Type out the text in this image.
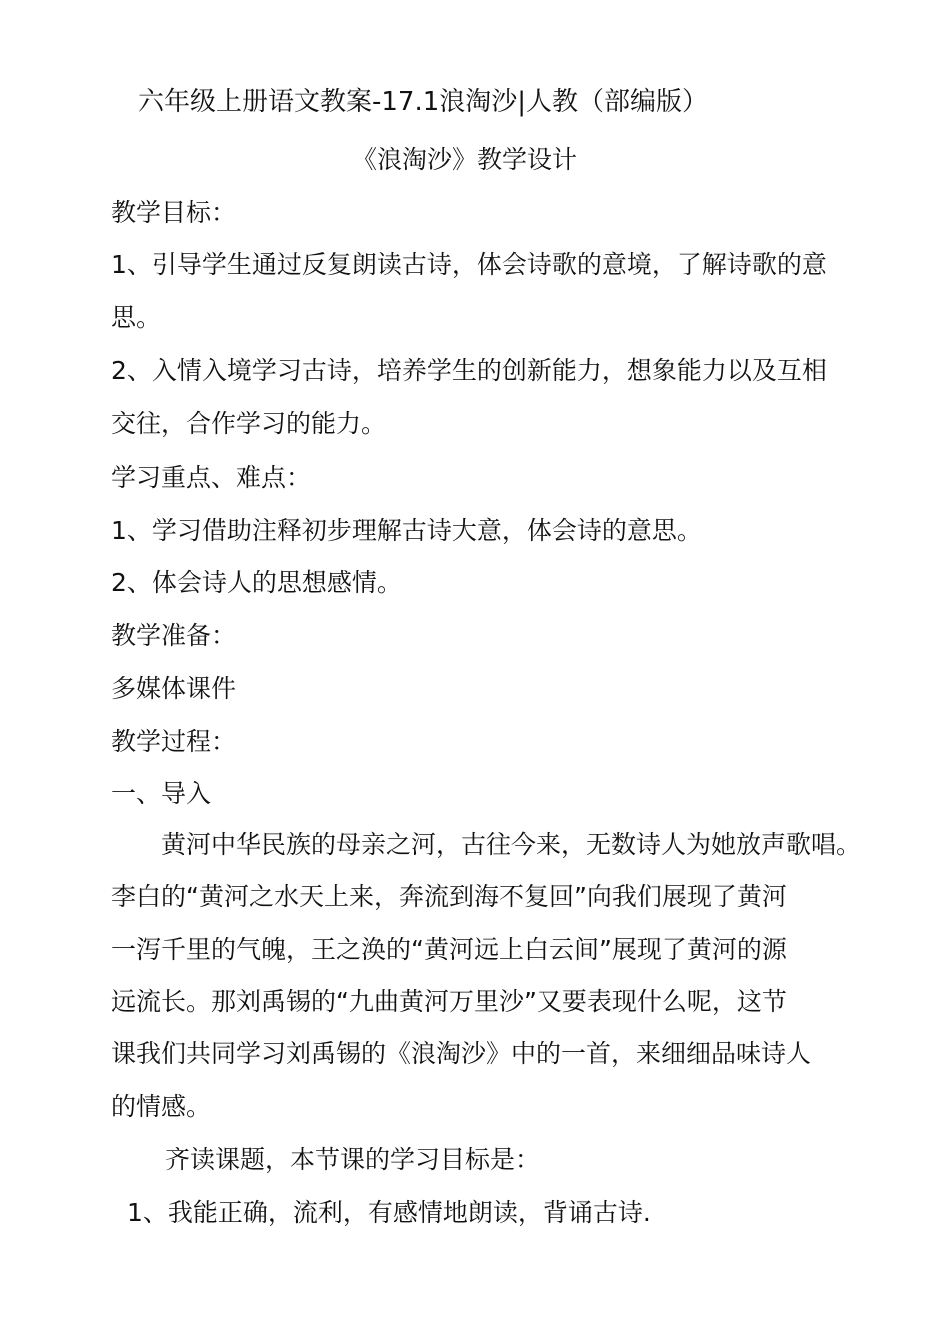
六年级上册语文教案-17.1浪淘沙|人教（部编版）
《浪淘沙》教学设计
教学目标：
1、引导学生通过反复朗读古诗，体会诗歌的意境，了解诗歌的意
思。
2、入情入境学习古诗，培养学生的创新能力，想象能力以及互相
交往，合作学习的能力。
学习重点、难点：
1、学习借助注释初步理解古诗大意，体会诗的意思。
2、体会诗人的思想感情。
教学准备：
多媒体课件
教学过程：
一、导入
黄河中华民族的母亲之河，古往今来，无数诗人为她放声歌唱。
李白的“黄河之水天上来，奔流到海不复回”向我们展现了黄河
一泻千里的气魄，王之涣的“黄河远上白云间”展现了黄河的源
远流长。那刘禹锡的“九曲黄河万里沙”又要表现什么呢，这节
课我们共同学习刘禹锡的《浪淘沙》中的一首，来细细品味诗人
的情感。
齐读课题，本节课的学习目标是：
1、我能正确，流利，有感情地朗读，背诵古诗.
